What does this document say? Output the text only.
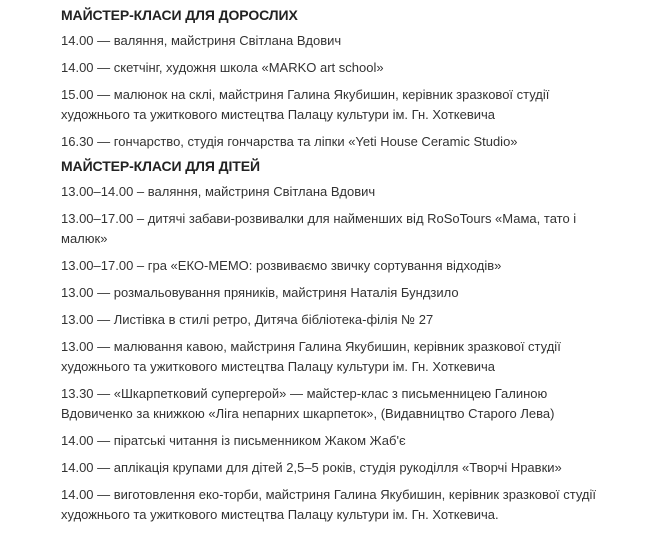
МАЙСТЕР-КЛАСИ ДЛЯ ДОРОСЛИХ

14.00 — валяння, майстриня Світлана Вдович

14.00 — скетчінг, художня школа «MARKO art school»

15.00 — малюнок на склі, майстриня Галина Якубишин, керівник зразкової студії художнього та ужиткового мистецтва Палацу культури ім. Гн. Хоткевича

16.30 — гончарство, студія гончарства та ліпки «Yeti House Ceramic Studio»

МАЙСТЕР-КЛАСИ ДЛЯ ДІТЕЙ

13.00–14.00 – валяння, майстриня Світлана Вдович

13.00–17.00 – дитячі забави-розвивалки для найменших від RoSoTours «Мама, тато і малюк»

13.00–17.00 – гра «ЕКО-МЕМО: розвиваємо звичку сортування відходів»

13.00 — розмальовування пряників, майстриня Наталія Бундзило

13.00 — Листівка в стилі ретро, Дитяча бібліотека-філія № 27

13.00 — малювання кавою, майстриня Галина Якубишин, керівник зразкової студії художнього та ужиткового мистецтва Палацу культури ім. Гн. Хоткевича

13.30 — «Шкарпетковий супергерой» — майстер-клас з письменницею Галиною Вдовиченко за книжкою «Ліга непарних шкарпеток», (Видавництво Старого Лева)

14.00 — піратські читання із письменником Жаком Жаб'є

14.00 — аплікація крупами для дітей 2,5–5 років, студія рукоділля «Творчі Нравки»

14.00 — виготовлення еко-торби, майстриня Галина Якубишин, керівник зразкової студії художнього та ужиткового мистецтва Палацу культури ім. Гн. Хоткевича.
